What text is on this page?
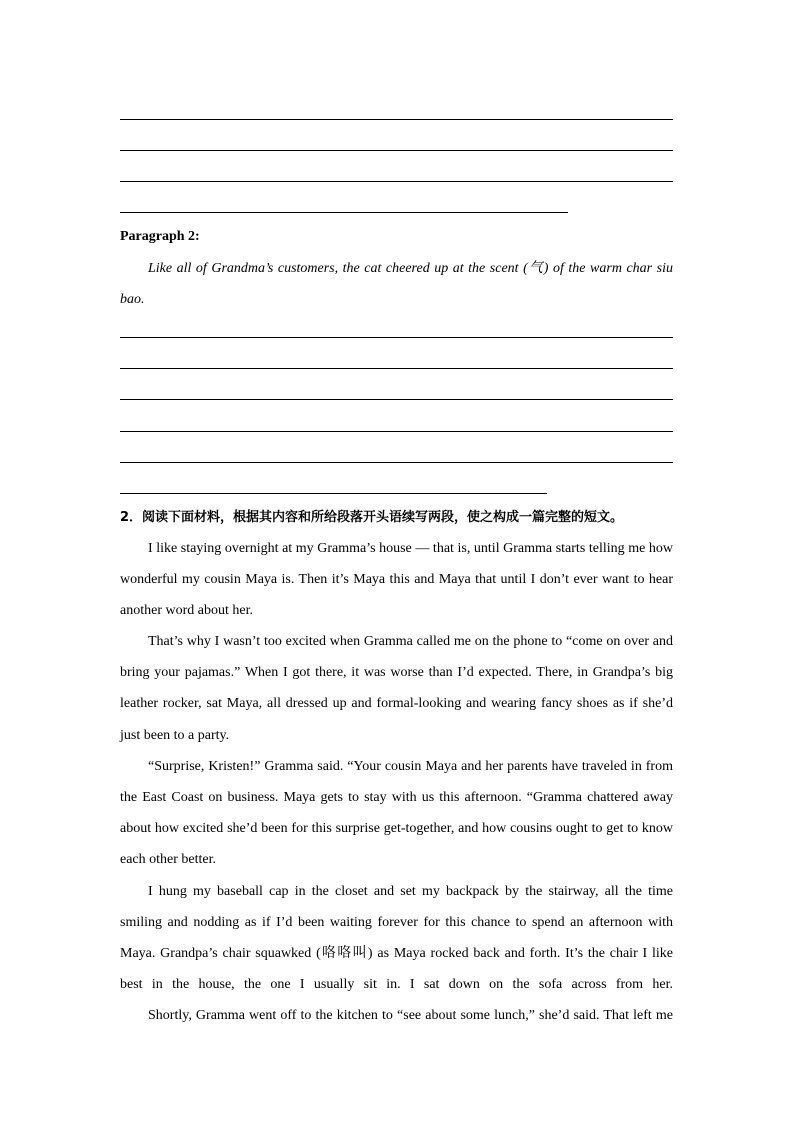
Paragraph 2:
Like all of Grandma’s customers, the cat cheered up at the scent (气) of the warm char siu
bao.
2．阅读下面材料，根据其内容和所给段落开头语续写两段，使之构成一篇完整的短文。
I like staying overnight at my Gramma’s house — that is, until Gramma starts telling me how
wonderful my cousin Maya is. Then it’s Maya this and Maya that until I don’t ever want to hear
another word about her.
That’s why I wasn’t too excited when Gramma called me on the phone to “come on over and
bring your pajamas.” When I got there, it was worse than I’d expected. There, in Grandpa’s big
leather rocker, sat Maya, all dressed up and formal-looking and wearing fancy shoes as if she’d
just been to a party.
“Surprise, Kristen!” Gramma said. “Your cousin Maya and her parents have traveled in from
the East Coast on business. Maya gets to stay with us this afternoon. “Gramma chattered away
about how excited she’d been for this surprise get-together, and how cousins ought to get to know
each other better.
I hung my baseball cap in the closet and set my backpack by the stairway, all the time
smiling and nodding as if I’d been waiting forever for this chance to spend an afternoon with
Maya. Grandpa’s chair squawked (咯咯叫) as Maya rocked back and forth. It’s the chair I like
best in the house, the one I usually sit in. I sat down on the sofa across from her.
Shortly, Gramma went off to the kitchen to “see about some lunch,” she’d said. That left me
